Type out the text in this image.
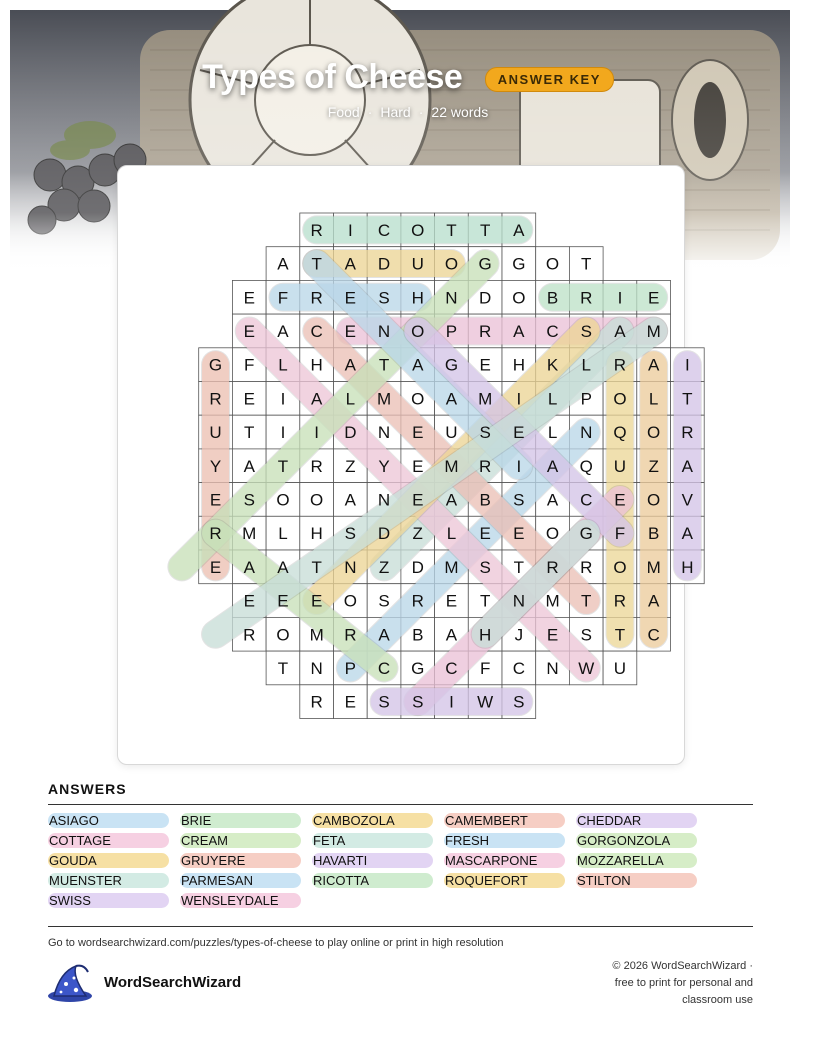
Types of Cheese	ANSWER KEY
Food · Hard · 22 words
R I C O T T A
A T A D U O G G O T
E F R E S H N D O B R I E
E A C E N O P R A C S A M
G F L H A T A G E H K L R A I
R E I A L M O A M I L P O L T
U T I I D N E U S E L N Q O R
Y A T R Z Y E M R I A Q U Z A
E S O O A N E A B S A C E O V
R M L H S D Z L E E O G F B A
E A A T N Z D M S T R R O M H
E E E O S R E T N M T R A
R O M R A B A H J E S T C
T N P C G C F C N W U
R E S S I W S
ANSWERS
ASIAGO	BRIE	CAMBOZOLA	CAMEMBERT	CHEDDAR
COTTAGE	CREAM	FETA	FRESH	GORGONZOLA
GOUDA	GRUYERE	HAVARTI	MASCARPONE	MOZZARELLA
MUENSTER	PARMESAN	RICOTTA	ROQUEFORT	STILTON
SWISS	WENSLEYDALE
Go to wordsearchwizard.com/puzzles/types-of-cheese to play online or print in high resolution
WordSearchWizard
© 2026 WordSearchWizard ·
free to print for personal and
classroom use
